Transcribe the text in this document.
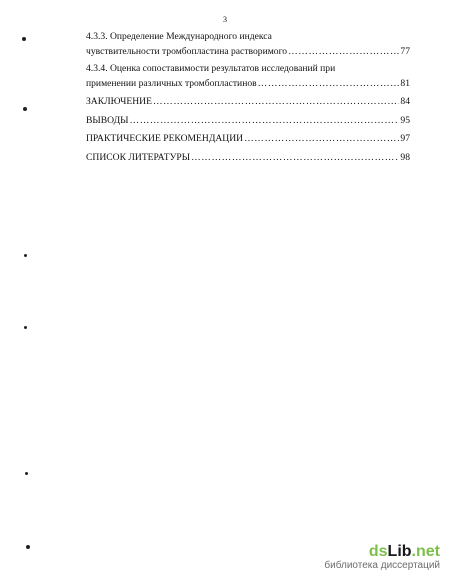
3
4.3.3. Определение Международного индекса
чувствительности тромбопластина растворимого ………………………………………………………………………………………………………………………………	77
4.3.4. Оценка сопоставимости результатов исследований при
применении различных тромбопластинов ………………………………………………………………………………………………………………………………	81
ЗАКЛЮЧЕНИЕ ………………………………………………………………………………………………………………………………	84
ВЫВОДЫ ………………………………………………………………………………………………………………………………	95
ПРАКТИЧЕСКИЕ РЕКОМЕНДАЦИИ ………………………………………………………………………………………………………………………………	97
СПИСОК ЛИТЕРАТУРЫ ………………………………………………………………………………………………………………………………	98
dsLib.net
библиотека диссертаций
